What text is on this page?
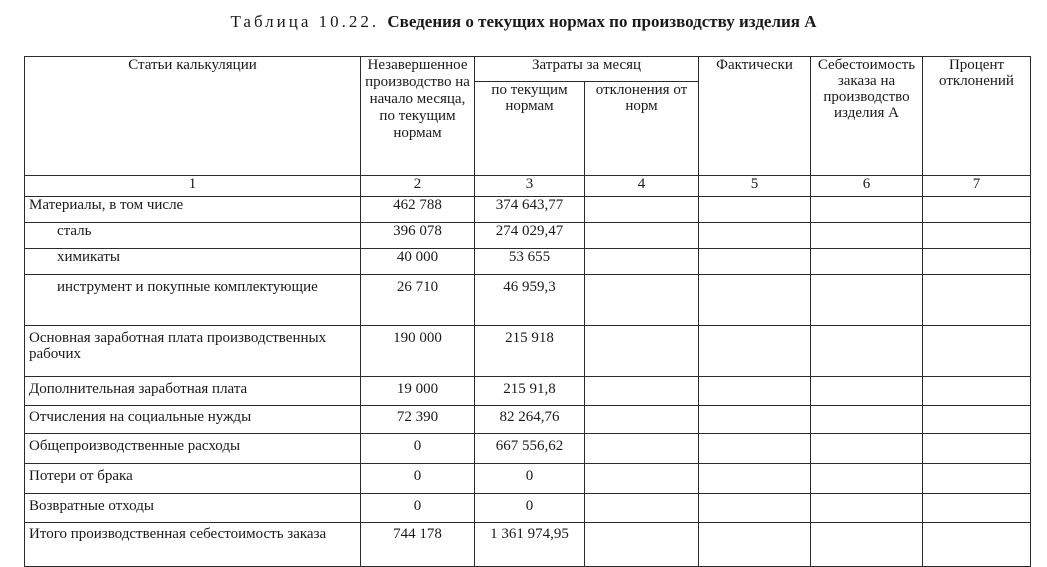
Таблица 10.22. Сведения о текущих нормах по производству изделия А
Статьи калькуляции	Незавершенное производство на начало месяца, по текущим нормам	Затраты за месяц		Фактически	Себестоимость заказа на производство изделия А	Процент отклонений
		по текущим нормам	отклонения от норм			
1	2	3	4	5	6	7
Материалы, в том числе	462 788	374 643,77				
сталь	396 078	274 029,47				
химикаты	40 000	53 655				
инструмент и покупные комплектующие	26 710	46 959,3				
Основная заработная плата производственных рабочих	190 000	215 918				
Дополнительная заработная плата	19 000	215 91,8				
Отчисления на социальные нужды	72 390	82 264,76				
Общепроизводственные расходы	0	667 556,62				
Потери от брака	0	0				
Возвратные отходы	0	0				
Итого производственная себестоимость заказа	744 178	1 361 974,95				
